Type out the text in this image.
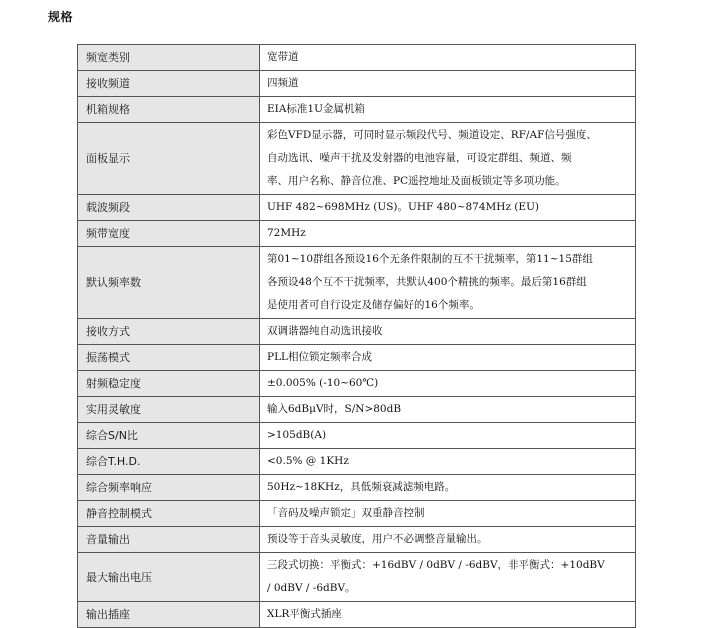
规格
频宽类别	宽带道
接收频道	四频道
机箱规格	EIA标准1U金属机箱
面板显示	彩色VFD显示器，可同时显示频段代号、频道设定、RF/AF信号强度、
自动选讯、噪声干扰及发射器的电池容量，可设定群组、频道、频
率、用户名称、静音位准、PC遥控地址及面板锁定等多项功能。
载波频段	UHF 482~698MHz (US)。UHF 480~874MHz (EU)
频带宽度	72MHz
默认频率数	第01~10群组各预设16个无条件限制的互不干扰频率，第11~15群组
各预设48个互不干扰频率，共默认400个精挑的频率。最后第16群组
是使用者可自行设定及储存偏好的16个频率。
接收方式	双调谐器纯自动选讯接收
振荡模式	PLL相位锁定频率合成
射频稳定度	±0.005% (-10~60℃)
实用灵敏度	输入6dBμV时，S/N>80dB
综合S/N比	>105dB(A)
综合T.H.D.	<0.5% @ 1KHz
综合频率响应	50Hz~18KHz，具低频衰减滤频电路。
静音控制模式	「音码及噪声锁定」双重静音控制
音量输出	预设等于音头灵敏度，用户不必调整音量输出。
最大输出电压	三段式切换：平衡式：+16dBV / 0dBV / -6dBV，非平衡式：+10dBV
/ 0dBV / -6dBV。
输出插座	XLR平衡式插座
